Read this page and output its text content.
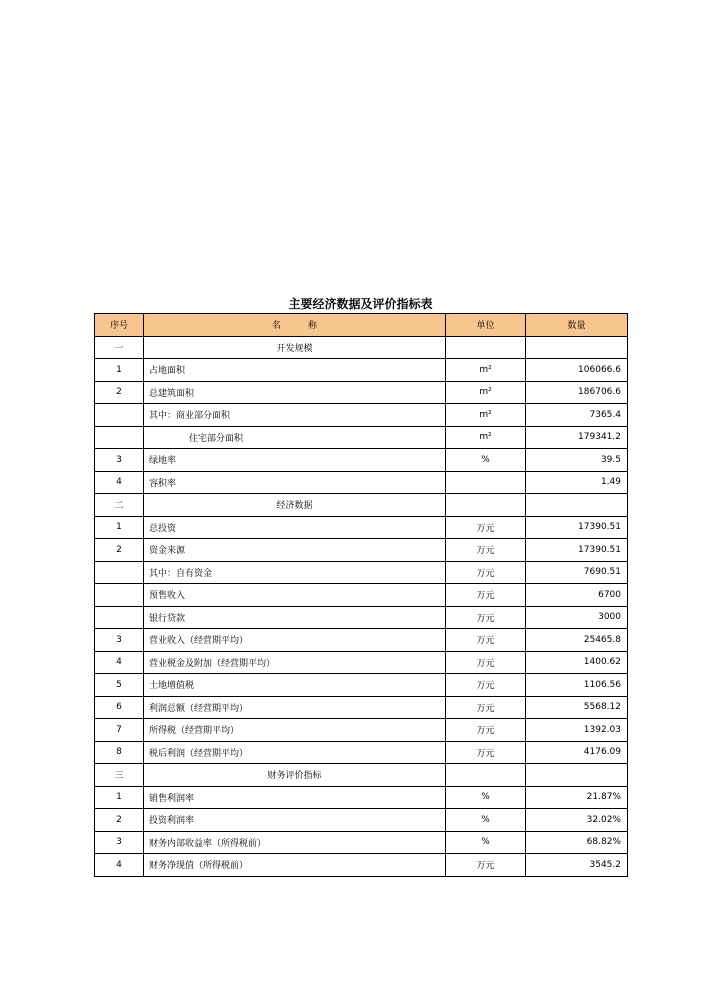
主要经济数据及评价指标表
序号	名　　　称	单位	数量
一	开发规模		
1	占地面积	m²	106066.6
2	总建筑面积	m²	186706.6
	其中：商业部分面积	m²	7365.4
	住宅部分面积	m²	179341.2
3	绿地率	%	39.5
4	容积率		1.49
二	经济数据		
1	总投资	万元	17390.51
2	资金来源	万元	17390.51
	其中：自有资金	万元	7690.51
	预售收入	万元	6700
	银行贷款	万元	3000
3	营业收入（经营期平均）	万元	25465.8
4	营业税金及附加（经营期平均）	万元	1400.62
5	土地增值税	万元	1106.56
6	利润总额（经营期平均）	万元	5568.12
7	所得税（经营期平均）	万元	1392.03
8	税后利润（经营期平均）	万元	4176.09
三	财务评价指标		
1	销售利润率	%	21.87%
2	投资利润率	%	32.02%
3	财务内部收益率（所得税前）	%	68.82%
4	财务净现值（所得税前）	万元	3545.2
